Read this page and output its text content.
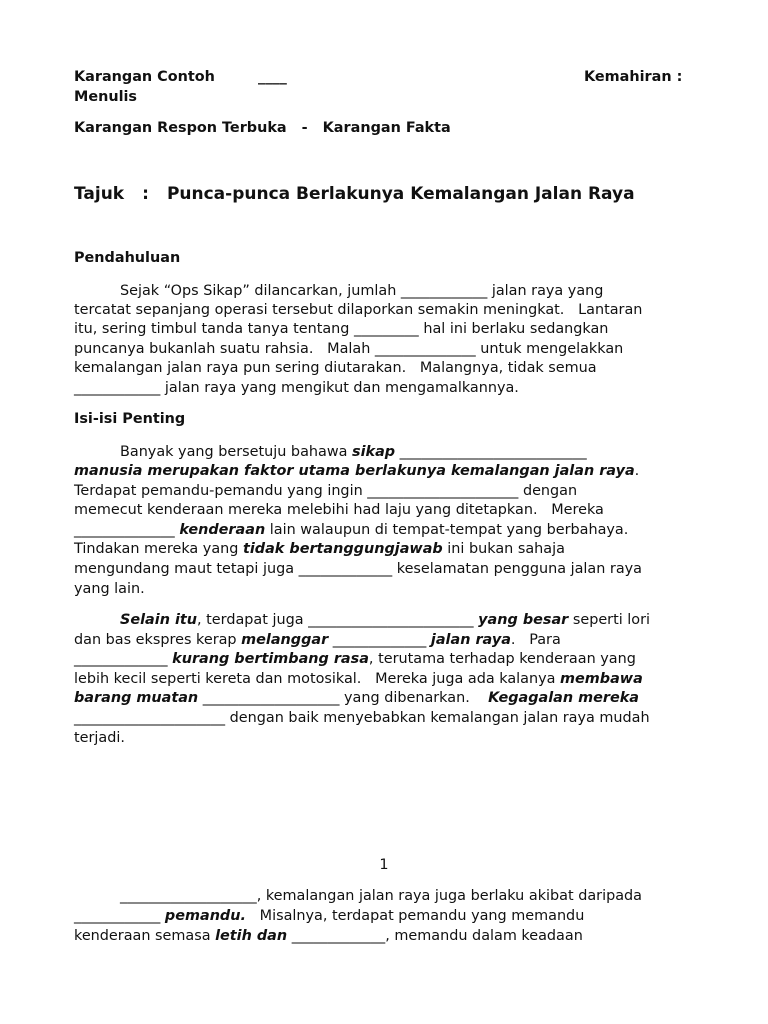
Karangan Contoh	____	Kemahiran :
Menulis
Karangan Respon Terbuka   -   Karangan Fakta
Tajuk : Punca-punca Berlakunya Kemalangan Jalan Raya
Pendahuluan
Sejak “Ops Sikap” dilancarkan, jumlah ____________ jalan raya yang
tercatat sepanjang operasi tersebut dilaporkan semakin meningkat.   Lantaran
itu, sering timbul tanda tanya tentang _________ hal ini berlaku sedangkan
puncanya bukanlah suatu rahsia.   Malah ______________ untuk mengelakkan
kemalangan jalan raya pun sering diutarakan.   Malangnya, tidak semua
____________ jalan raya yang mengikut dan mengamalkannya.
Isi-isi Penting
Banyak yang bersetuju bahawa sikap __________________________
manusia merupakan faktor utama berlakunya kemalangan jalan raya.
Terdapat pemandu-pemandu yang ingin _____________________ dengan
memecut kenderaan mereka melebihi had laju yang ditetapkan.   Mereka
______________ kenderaan lain walaupun di tempat-tempat yang berbahaya.
Tindakan mereka yang tidak bertanggungjawab ini bukan sahaja
mengundang maut tetapi juga _____________ keselamatan pengguna jalan raya
yang lain.
Selain itu, terdapat juga _______________________ yang besar seperti lori
dan bas ekspres kerap melanggar _____________ jalan raya.   Para
_____________ kurang bertimbang rasa, terutama terhadap kenderaan yang
lebih kecil seperti kereta dan motosikal.   Mereka juga ada kalanya membawa
barang muatan ___________________ yang dibenarkan.    Kegagalan mereka
_____________________ dengan baik menyebabkan kemalangan jalan raya mudah
terjadi.
1
___________________, kemalangan jalan raya juga berlaku akibat daripada
____________ pemandu.   Misalnya, terdapat pemandu yang memandu
kenderaan semasa letih dan _____________, memandu dalam keadaan
